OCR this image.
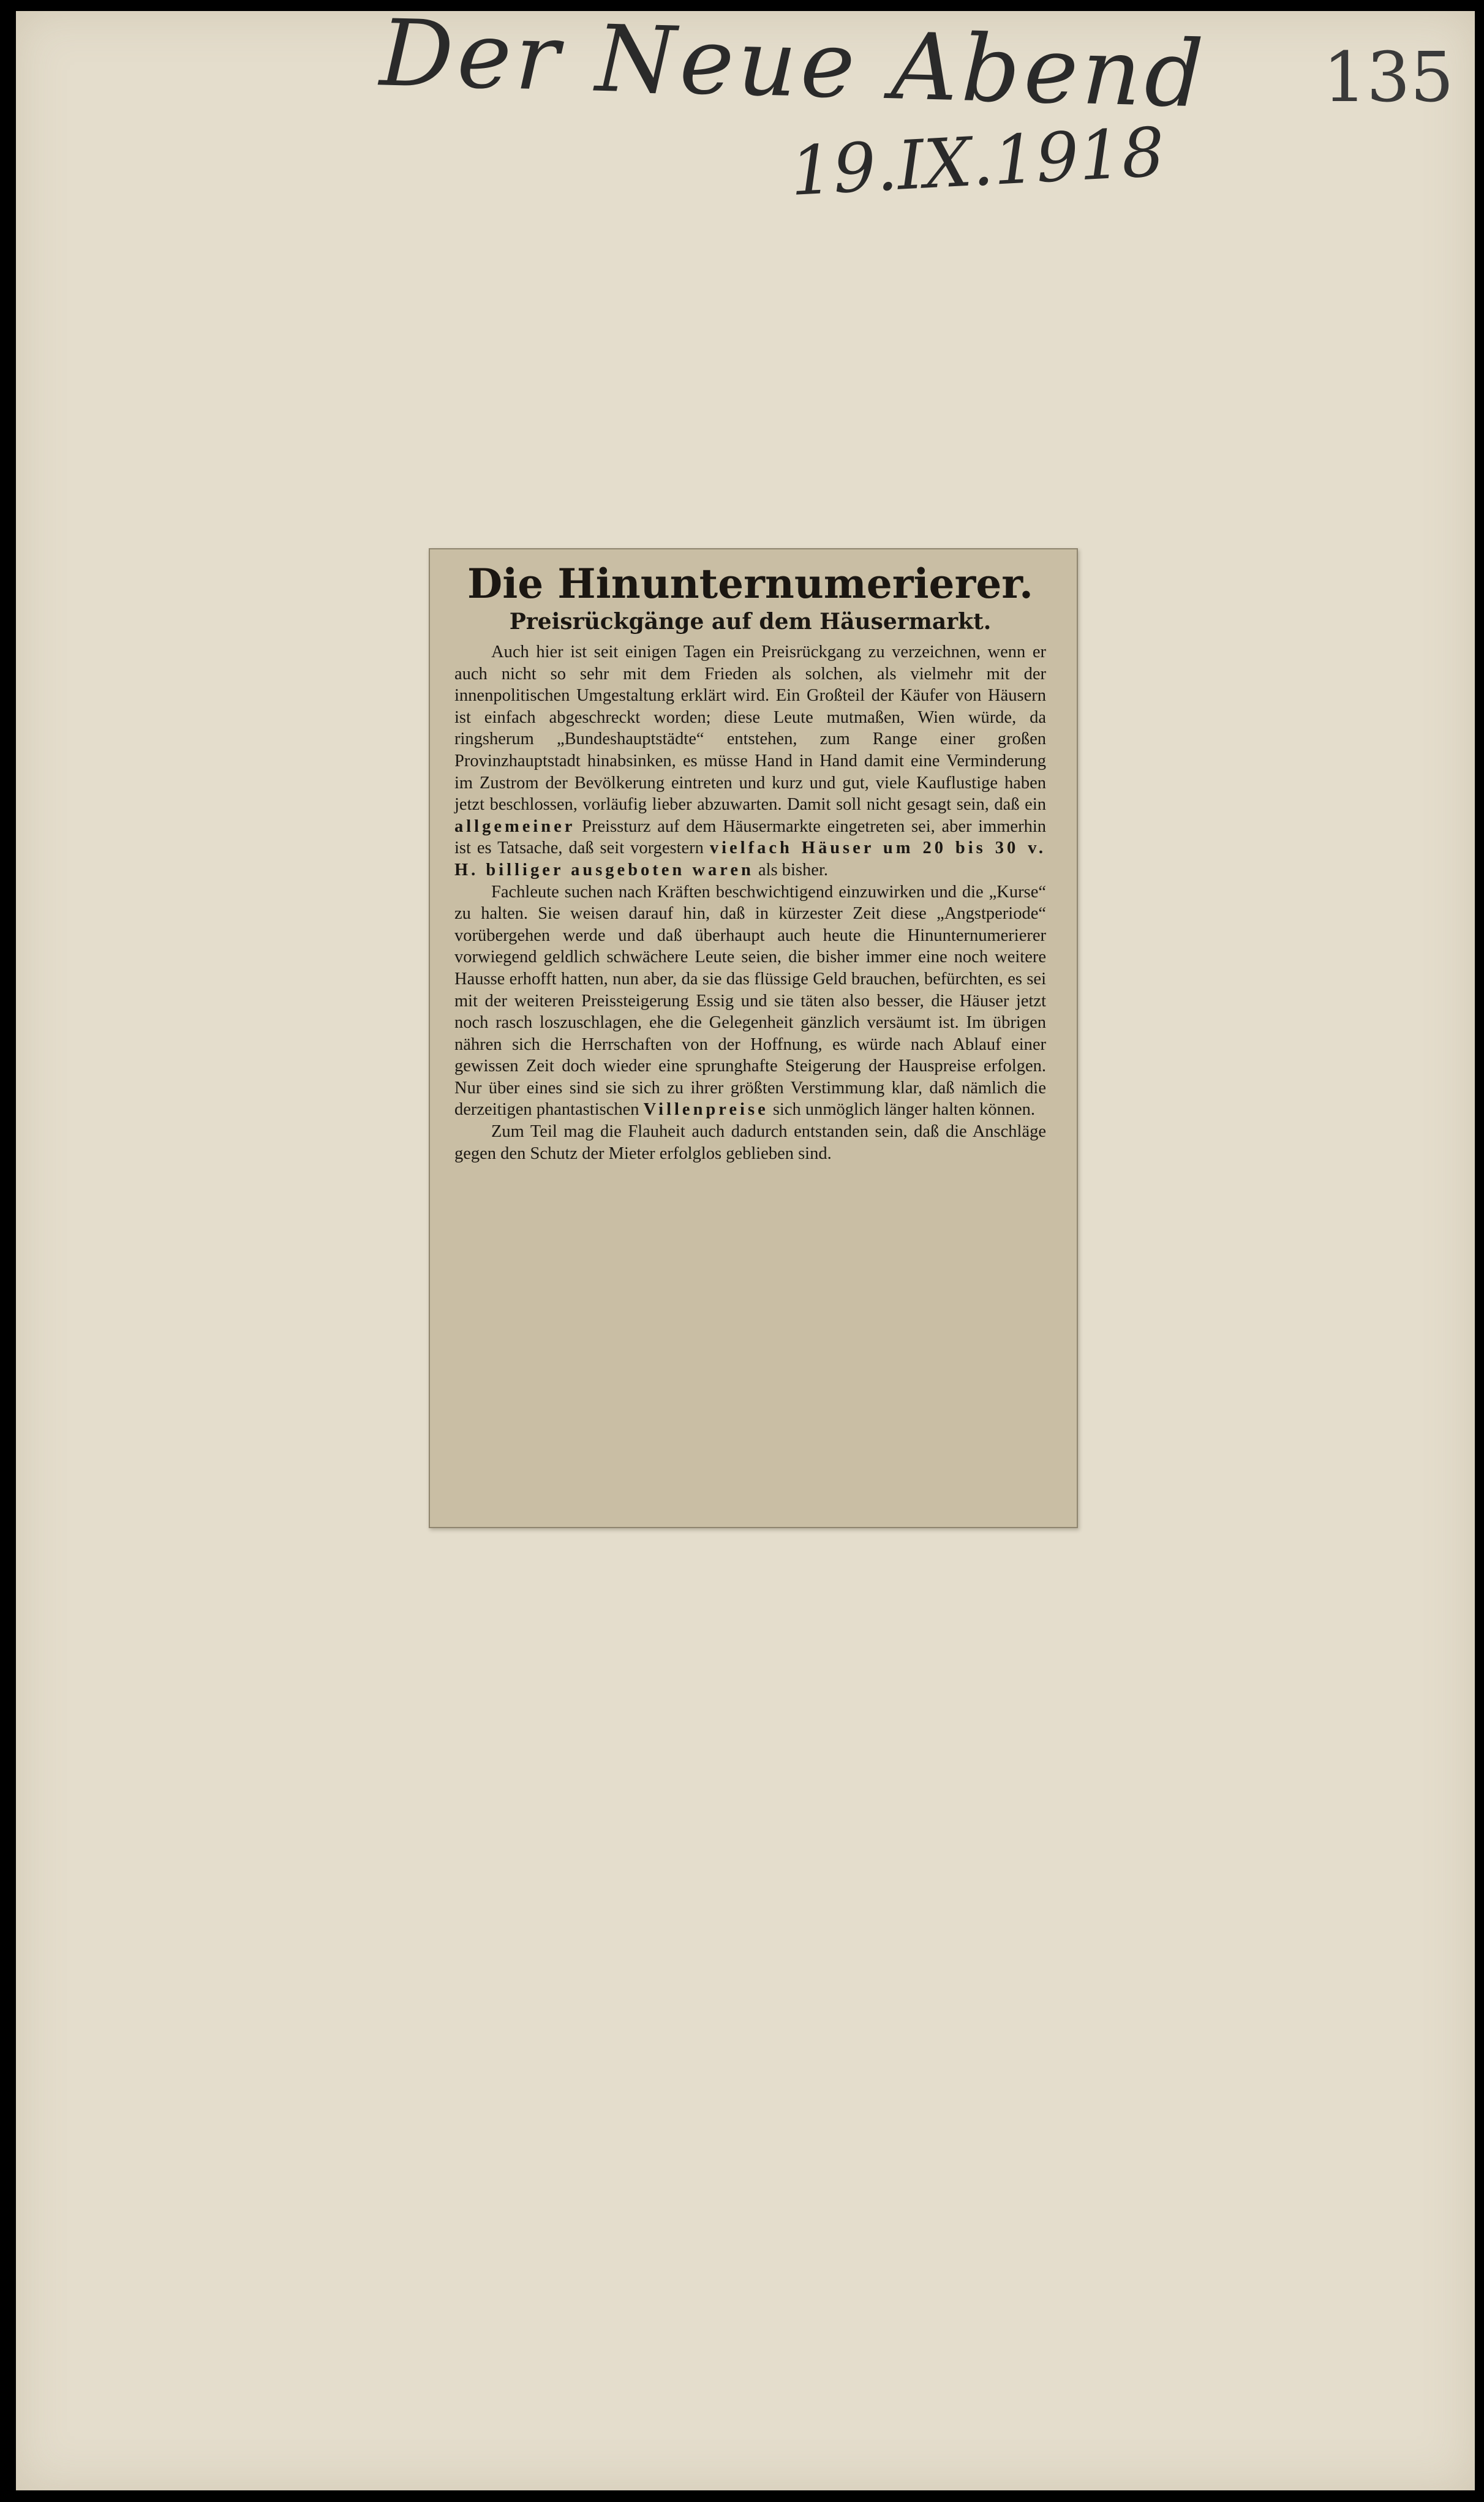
Der Neue Abend
19.IX.1918
135
Die Hinunternumerierer.
Preisrückgänge auf dem Häusermarkt.

Auch hier ist seit einigen Tagen ein Preisrückgang zu verzeichnen, wenn er auch nicht so sehr mit dem Frieden als solchen, als vielmehr mit der innenpolitischen Umgestaltung erklärt wird. Ein Großteil der Käufer von Häusern ist einfach abgeschreckt worden; diese Leute mutmaßen, Wien würde, da ringsherum „Bundeshauptstädte“ entstehen, zum Range einer großen Provinzhauptstadt hinabsinken, es müsse Hand in Hand damit eine Verminderung im Zustrom der Bevölkerung eintreten und kurz und gut, viele Kauflustige haben jetzt beschlossen, vorläufig lieber abzuwarten. Damit soll nicht gesagt sein, daß ein allgemeiner Preissturz auf dem Häusermarkte eingetreten sei, aber immerhin ist es Tatsache, daß seit vorgestern vielfach Häuser um 20 bis 30 v. H. billiger ausgeboten waren als bisher.

Fachleute suchen nach Kräften beschwichtigend einzuwirken und die „Kurse“ zu halten. Sie weisen darauf hin, daß in kürzester Zeit diese „Angstperiode“ vorübergehen werde und daß überhaupt auch heute die Hinunternumerierer vorwiegend geldlich schwächere Leute seien, die bisher immer eine noch weitere Hausse erhofft hatten, nun aber, da sie das flüssige Geld brauchen, befürchten, es sei mit der weiteren Preissteigerung Essig und sie täten also besser, die Häuser jetzt noch rasch loszuschlagen, ehe die Gelegenheit gänzlich versäumt ist. Im übrigen nähren sich die Herrschaften von der Hoffnung, es würde nach Ablauf einer gewissen Zeit doch wieder eine sprunghafte Steigerung der Hauspreise erfolgen. Nur über eines sind sie sich zu ihrer größten Verstimmung klar, daß nämlich die derzeitigen phantastischen Villenpreise sich unmöglich länger halten können.

Zum Teil mag die Flauheit auch dadurch entstanden sein, daß die Anschläge gegen den Schutz der Mieter erfolglos geblieben sind.
